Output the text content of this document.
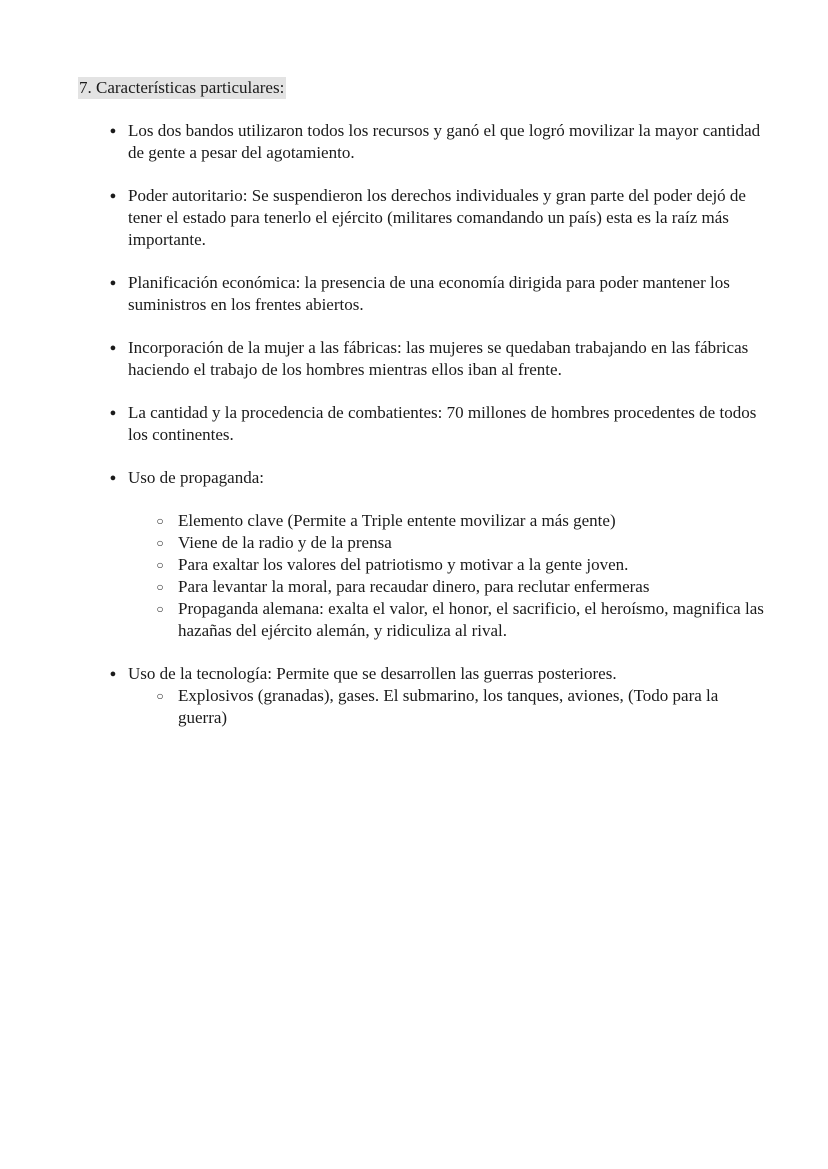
7. Características particulares:
● Los dos bandos utilizaron todos los recursos y ganó el que logró movilizar la mayor cantidad de gente a pesar del agotamiento.
● Poder autoritario: Se suspendieron los derechos individuales y gran parte del poder dejó de tener el estado para tenerlo el ejército (militares comandando un país) esta es la raíz más importante.
● Planificación económica: la presencia de una economía dirigida para poder mantener los suministros en los frentes abiertos.
● Incorporación de la mujer a las fábricas: las mujeres se quedaban trabajando en las fábricas haciendo el trabajo de los hombres mientras ellos iban al frente.
● La cantidad y la procedencia de combatientes: 70 millones de hombres procedentes de todos los continentes.
● Uso de propaganda:
○ Elemento clave (Permite a Triple entente movilizar a más gente)
○ Viene de la radio y de la prensa
○ Para exaltar los valores del patriotismo y motivar a la gente joven.
○ Para levantar la moral, para recaudar dinero, para reclutar enfermeras
○ Propaganda alemana: exalta el valor, el honor, el sacrificio, el heroísmo, magnifica las hazañas del ejército alemán, y ridiculiza al rival.
● Uso de la tecnología: Permite que se desarrollen las guerras posteriores.
○ Explosivos (granadas), gases. El submarino, los tanques, aviones, (Todo para la guerra)
